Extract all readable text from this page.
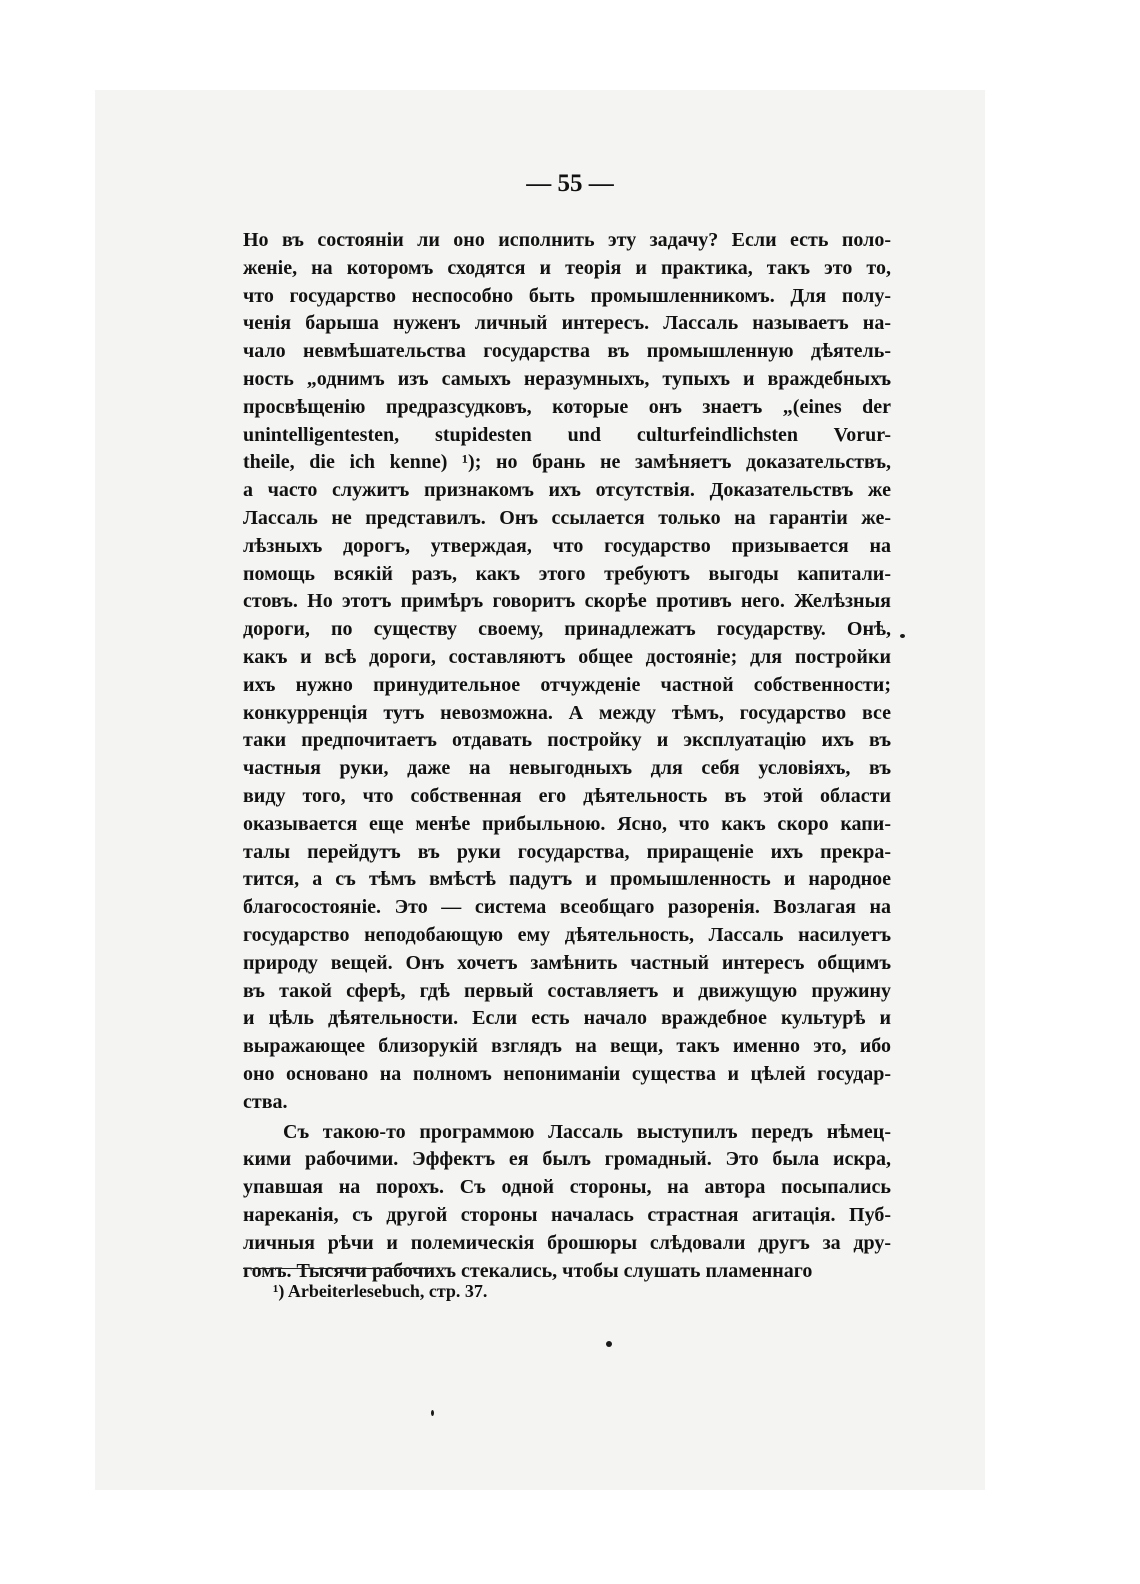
— 55 —
Но въ состояніи ли оно исполнить эту задачу? Если есть поло-
женіе, на которомъ сходятся и теорія и практика, такъ это то,
что государство неспособно быть промышленникомъ. Для полу-
ченія барыша нуженъ личный интересъ. Лассаль называетъ на-
чало невмѣшательства государства въ промышленную дѣятель-
ность „однимъ изъ самыхъ неразумныхъ, тупыхъ и враждебныхъ
просвѣщенію предразсудковъ, которые онъ знаетъ „(eines der
unintelligentesten, stupidesten und culturfeindlichsten Vorur-
theile, die ich kenne) ¹); но брань не замѣняетъ доказательствъ,
а часто служитъ признакомъ ихъ отсутствія. Доказательствъ же
Лассаль не представилъ. Онъ ссылается только на гарантіи же-
лѣзныхъ дорогъ, утверждая, что государство призывается на
помощь всякій разъ, какъ этого требуютъ выгоды капитали-
стовъ. Но этотъ примѣръ говоритъ скорѣе противъ него. Желѣзныя
дороги, по существу своему, принадлежатъ государству. Онѣ,
какъ и всѣ дороги, составляютъ общее достояніе; для постройки
ихъ нужно принудительное отчужденіе частной собственности;
конкурренція тутъ невозможна. А между тѣмъ, государство все
таки предпочитаетъ отдавать постройку и эксплуатацію ихъ въ
частныя руки, даже на невыгодныхъ для себя условіяхъ, въ
виду того, что собственная его дѣятельность въ этой области
оказывается еще менѣе прибыльною. Ясно, что какъ скоро капи-
талы перейдутъ въ руки государства, приращеніе ихъ прекра-
тится, а съ тѣмъ вмѣстѣ падутъ и промышленность и народное
благосостояніе. Это — система всеобщаго разоренія. Возлагая на
государство неподобающую ему дѣятельность, Лассаль насилуетъ
природу вещей. Онъ хочетъ замѣнить частный интересъ общимъ
въ такой сферѣ, гдѣ первый составляетъ и движущую пружину
и цѣль дѣятельности. Если есть начало враждебное культурѣ и
выражающее близорукій взглядъ на вещи, такъ именно это, ибо
оно основано на полномъ непониманіи существа и цѣлей государ-
ства.
Съ такою-то программою Лассаль выступилъ передъ нѣмец-
кими рабочими. Эффектъ ея былъ громадный. Это была искра,
упавшая на порохъ. Съ одной стороны, на автора посыпались
нареканія, съ другой стороны началась страстная агитація. Пуб-
личныя рѣчи и полемическія брошюры слѣдовали другъ за дру-
гомъ. Тысячи рабочихъ стекались, чтобы слушать пламеннаго
¹) Arbeiterlesebuch, стр. 37.
